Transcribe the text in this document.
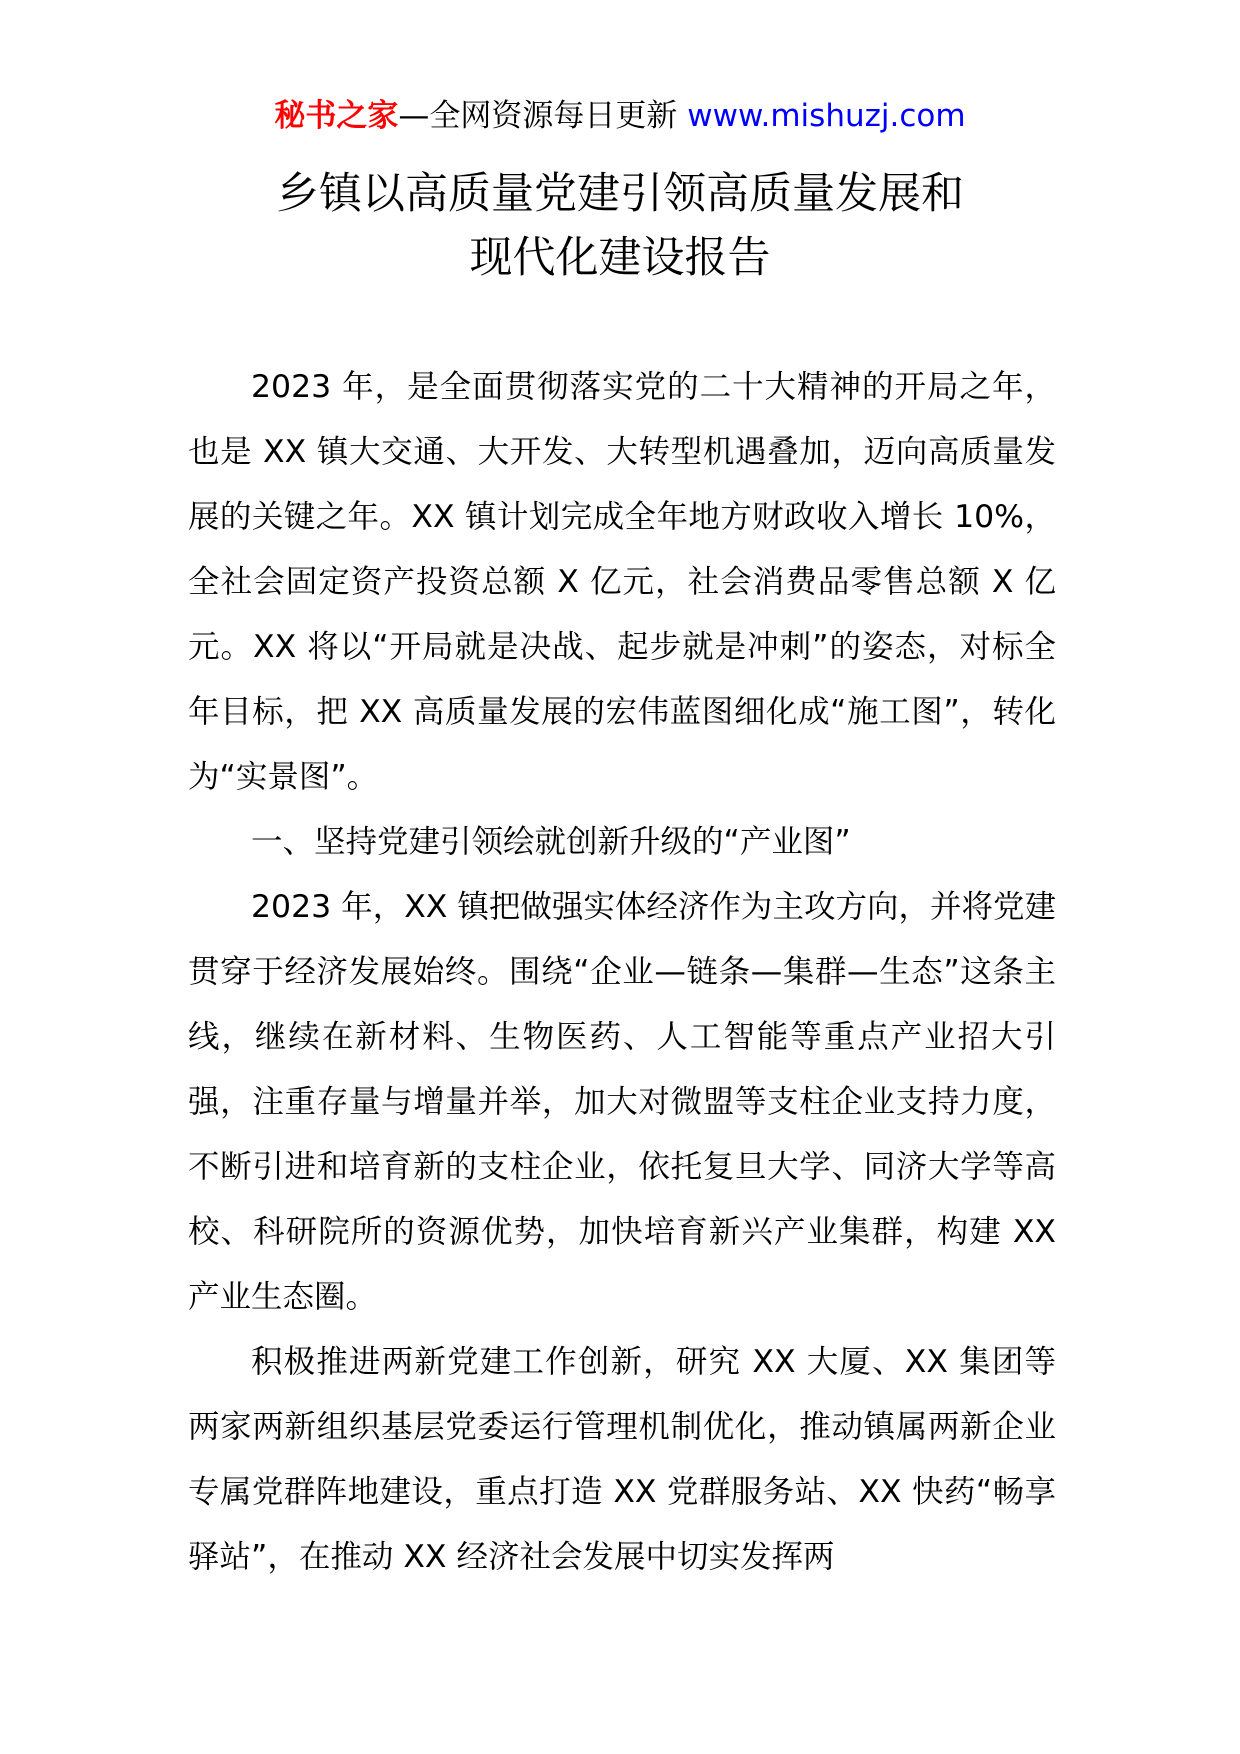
秘书之家—全网资源每日更新 www.mishuzj.com
乡镇以高质量党建引领高质量发展和
现代化建设报告

2023 年，是全面贯彻落实党的二十大精神的开局之年，也是 XX 镇大交通、大开发、大转型机遇叠加，迈向高质量发展的关键之年。XX 镇计划完成全年地方财政收入增长 10%，全社会固定资产投资总额 X 亿元，社会消费品零售总额 X 亿元。XX 将以“开局就是决战、起步就是冲刺”的姿态，对标全年目标，把 XX 高质量发展的宏伟蓝图细化成“施工图”，转化为“实景图”。

一、坚持党建引领绘就创新升级的“产业图”

2023 年，XX 镇把做强实体经济作为主攻方向，并将党建贯穿于经济发展始终。围绕“企业—链条—集群—生态”这条主线，继续在新材料、生物医药、人工智能等重点产业招大引强，注重存量与增量并举，加大对微盟等支柱企业支持力度，不断引进和培育新的支柱企业，依托复旦大学、同济大学等高校、科研院所的资源优势，加快培育新兴产业集群，构建 XX 产业生态圈。

积极推进两新党建工作创新，研究 XX 大厦、XX 集团等两家两新组织基层党委运行管理机制优化，推动镇属两新企业专属党群阵地建设，重点打造 XX 党群服务站、XX 快药“畅享驿站”，在推动 XX 经济社会发展中切实发挥两
